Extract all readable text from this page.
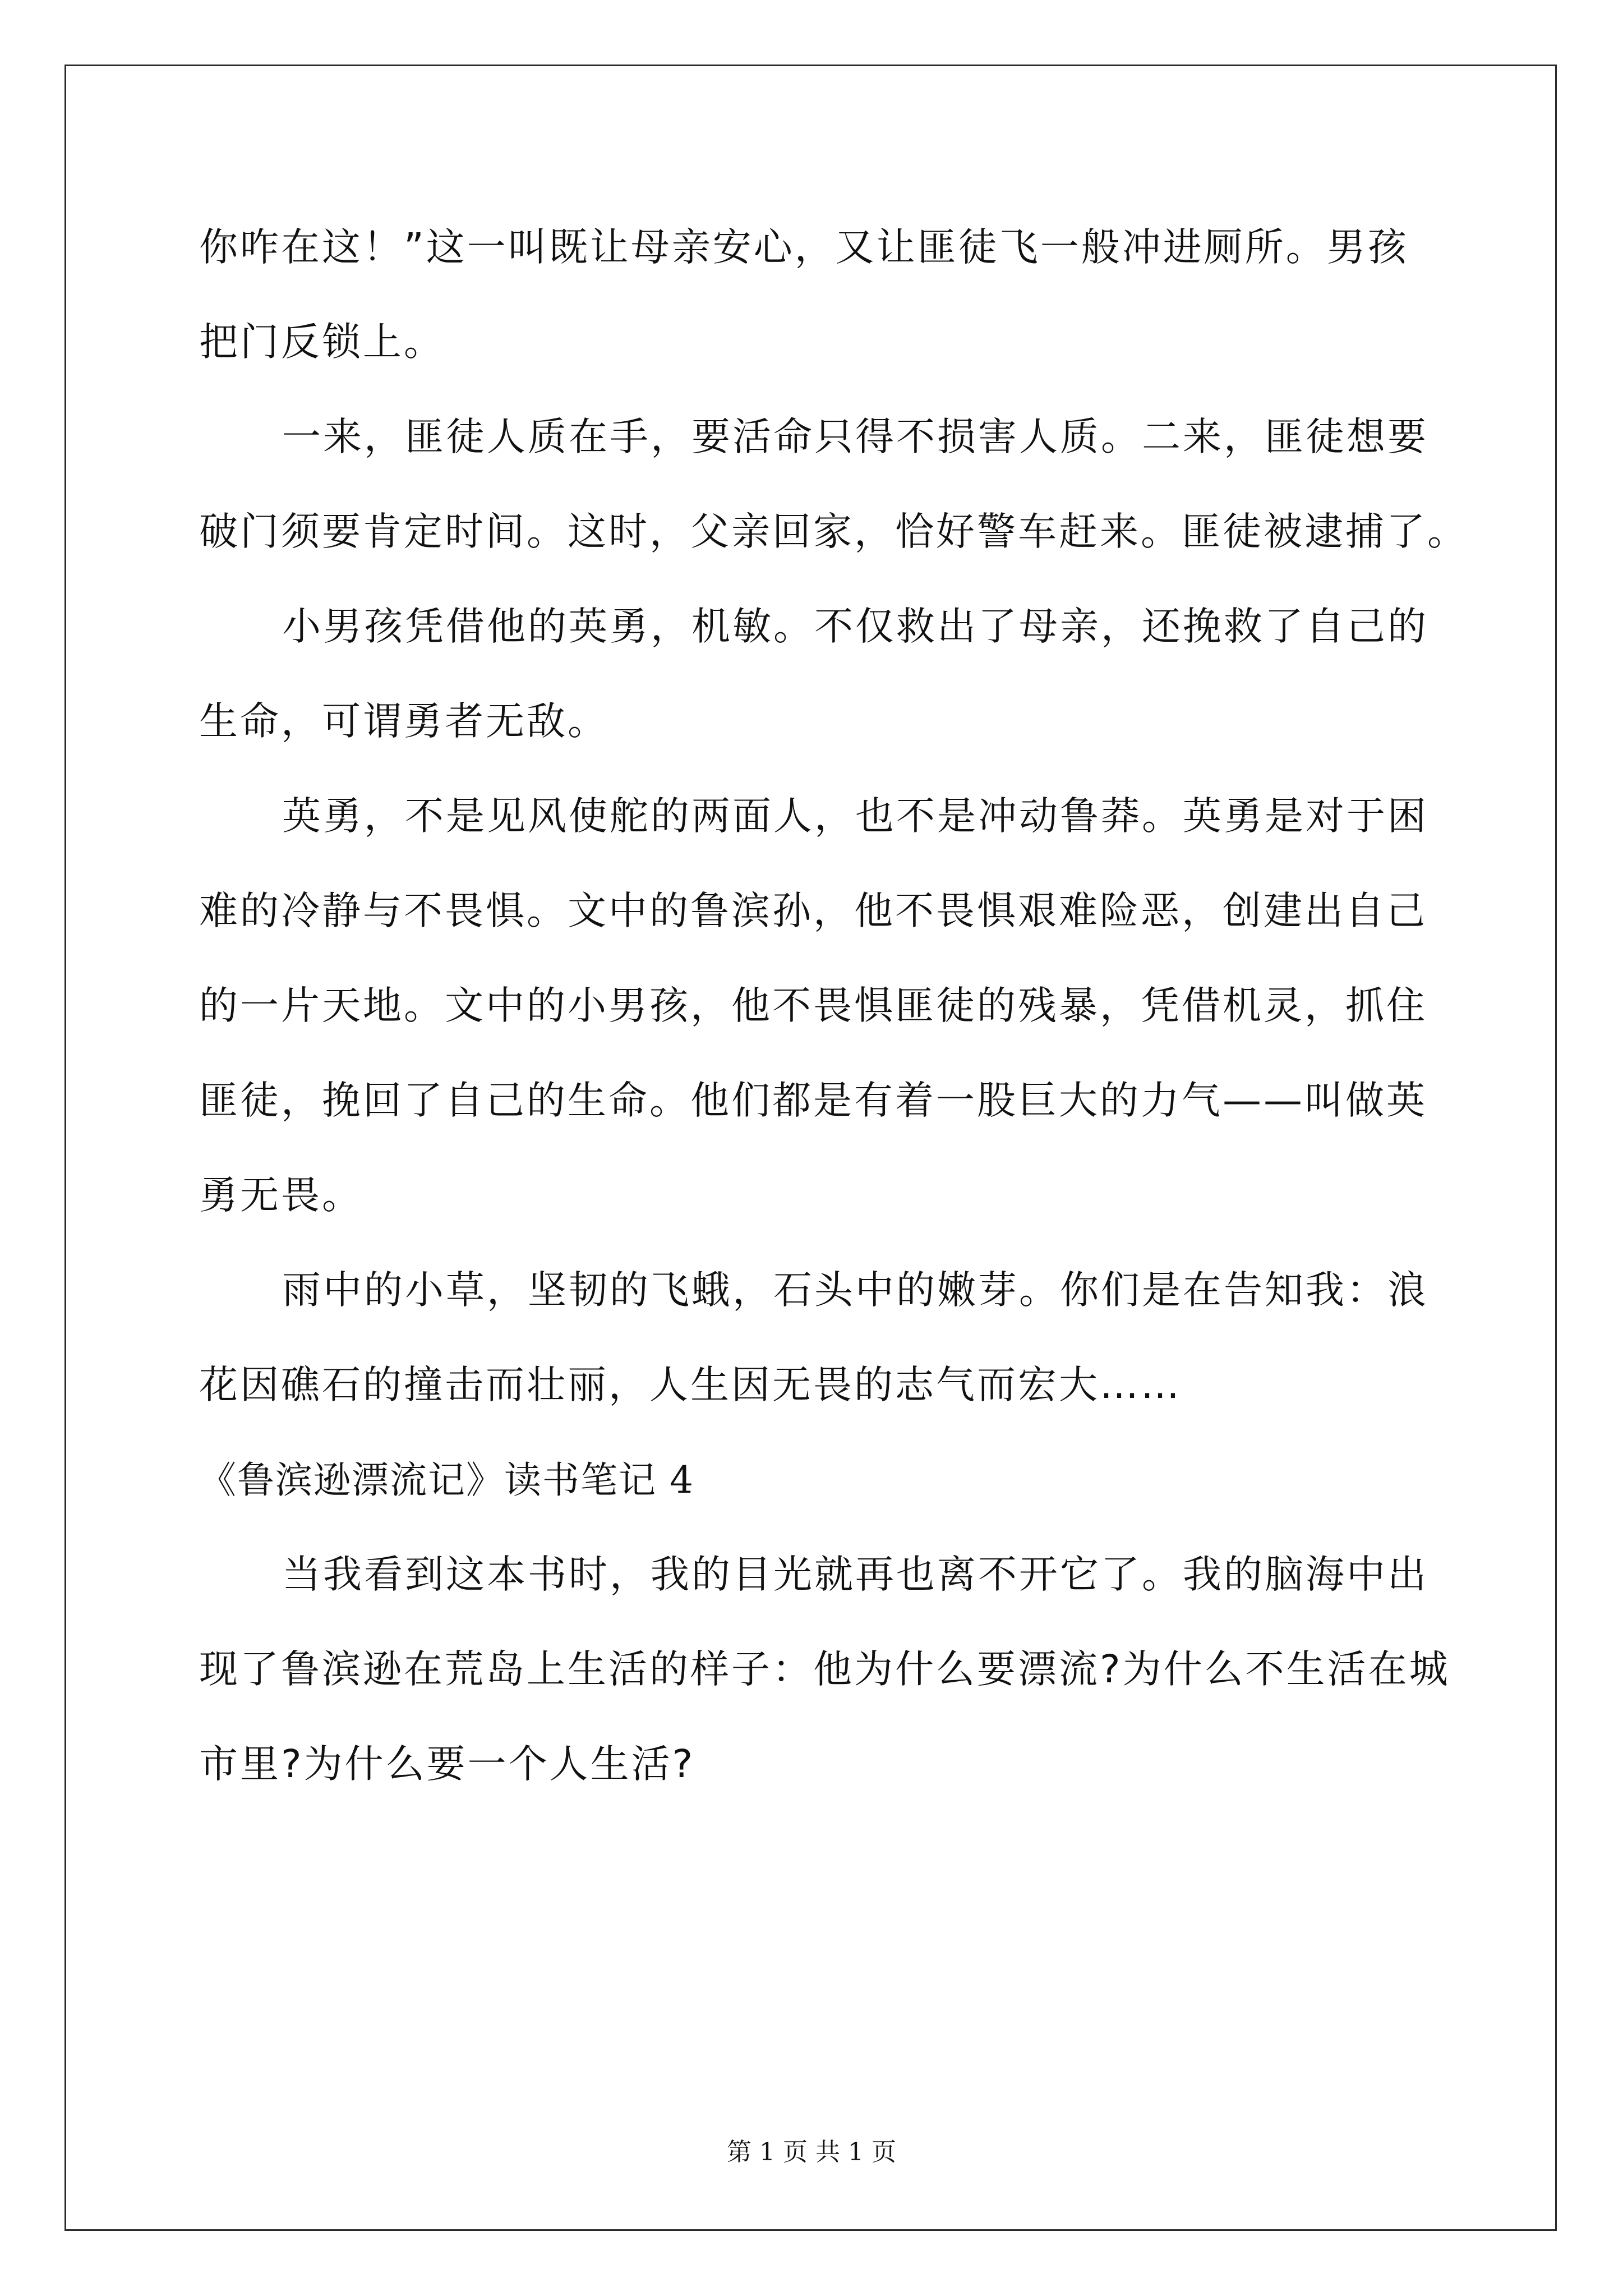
你咋在这！”这一叫既让母亲安心，又让匪徒飞一般冲进厕所。男孩

把门反锁上。

一来，匪徒人质在手，要活命只得不损害人质。二来，匪徒想要

破门须要肯定时间。这时，父亲回家，恰好警车赶来。匪徒被逮捕了。

小男孩凭借他的英勇，机敏。不仅救出了母亲，还挽救了自己的

生命，可谓勇者无敌。

英勇，不是见风使舵的两面人，也不是冲动鲁莽。英勇是对于困

难的冷静与不畏惧。文中的鲁滨孙，他不畏惧艰难险恶，创建出自己

的一片天地。文中的小男孩，他不畏惧匪徒的残暴，凭借机灵，抓住

匪徒，挽回了自己的生命。他们都是有着一股巨大的力气——叫做英

勇无畏。

雨中的小草，坚韧的飞蛾，石头中的嫩芽。你们是在告知我：浪

花因礁石的撞击而壮丽，人生因无畏的志气而宏大……

《鲁滨逊漂流记》读书笔记 4

当我看到这本书时，我的目光就再也离不开它了。我的脑海中出

现了鲁滨逊在荒岛上生活的样子：他为什么要漂流?为什么不生活在城

市里?为什么要一个人生活?

第 1 页 共 1 页
